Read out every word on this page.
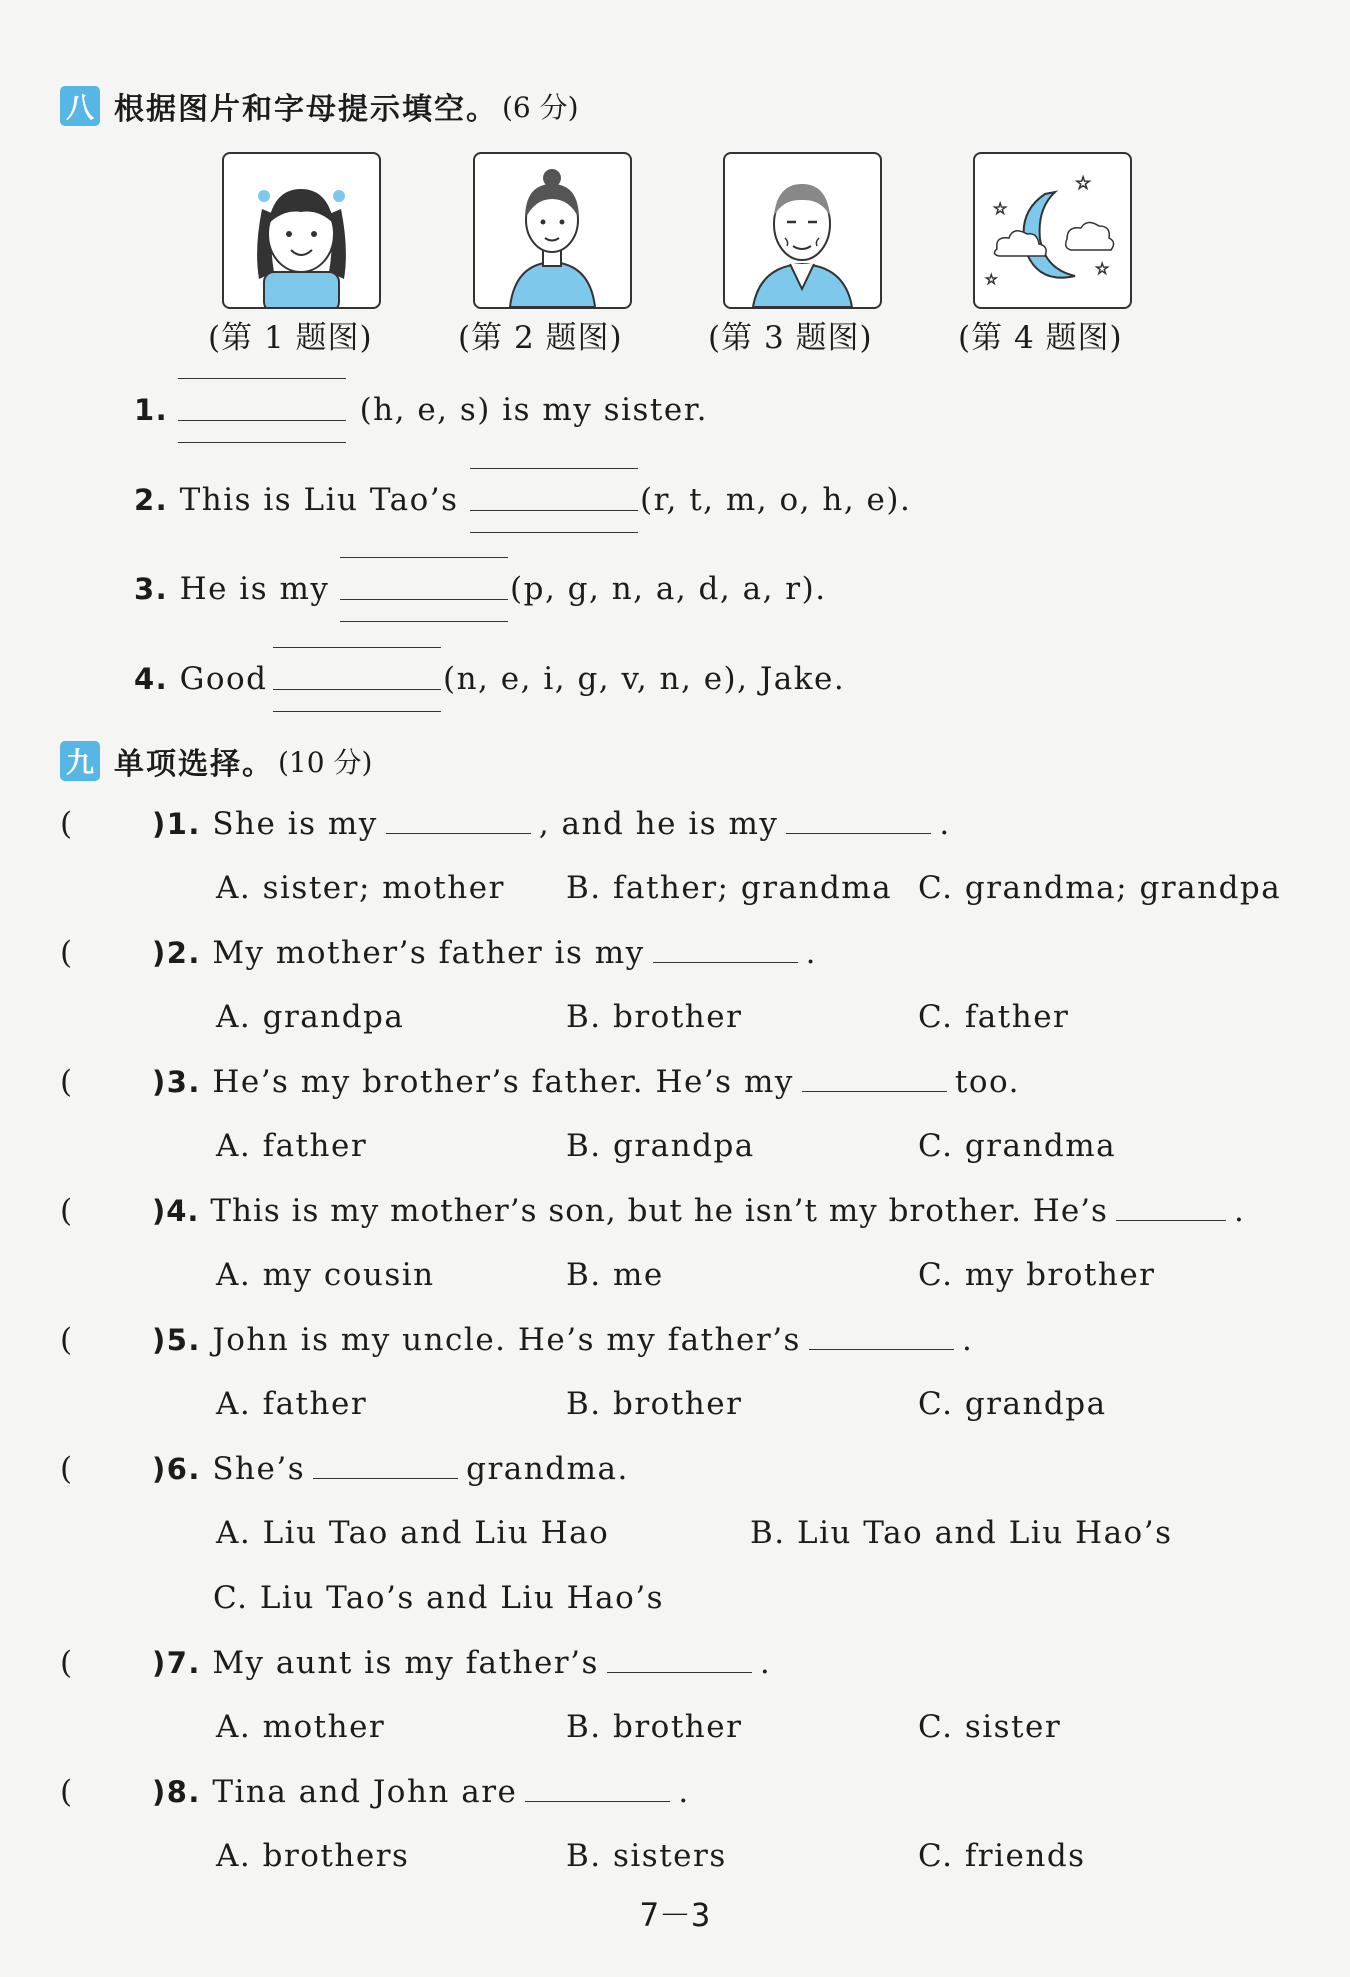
八 根据图片和字母提示填空。 (6 分)
☆
☆
☆
☆
(第 1 题图)	(第 2 题图)	(第 3 题图)	(第 4 题图)
1.	(h, e, s) is my sister.
2. This is Liu Tao’s	(r, t, m, o, h, e).
3. He is my	(p, g, n, a, d, a, r).
4. Good	(n, e, i, g, v, n, e), Jake.
九 单项选择。 (10 分)
(	)1. She is my	, and he is my	.
A. sister; mother B. father; grandma C. grandma; grandpa
(	)2. My mother’s father is my	.
A. grandpa	B. brother	C. father
(	)3. He’s my brother’s father. He’s my	too.
A. father	B. grandpa	C. grandma
(	)4. This is my mother’s son, but he isn’t my brother. He’s	.
A. my cousin	B. me	C. my brother
(	)5. John is my uncle. He’s my father’s	.
A. father	B. brother	C. grandpa
(	)6. She’s	grandma.
A. Liu Tao and Liu Hao	B. Liu Tao and Liu Hao’s
C. Liu Tao’s and Liu Hao’s
(	)7. My aunt is my father’s	.
A. mother	B. brother	C. sister
(	)8. Tina and John are	.
A. brothers	B. sisters	C. friends
7－3
